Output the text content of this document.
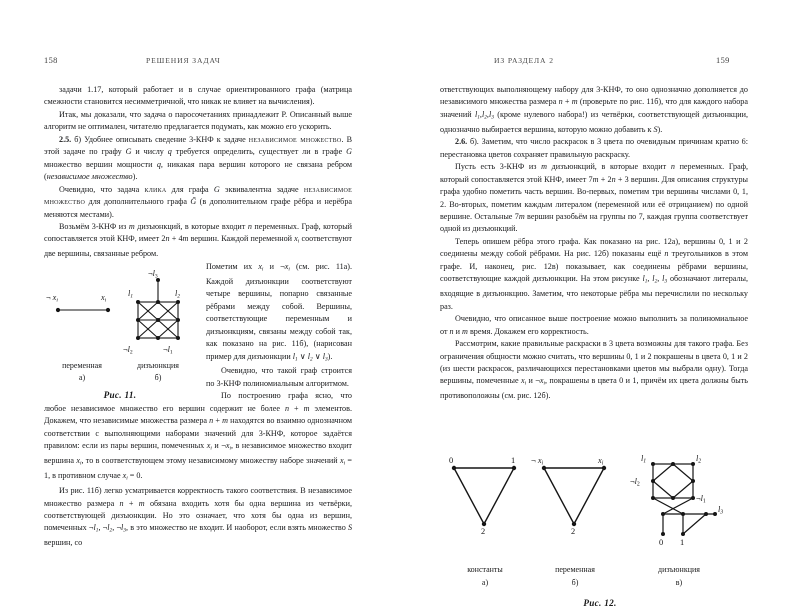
158	РЕШЕНИЯ ЗАДАЧ

задачи 1.17, который работает и в случае ориентированного графа (матрица смежности становится несимметричной, что никак не влияет на вычисления).

Итак, мы доказали, что задача о паросочетаниях принадлежит P. Описанный выше алгоритм не оптимален, читателю предлагается подумать, как можно его ускорить.

2.5. б) Удобнее описывать сведение 3-КНФ к задаче независимое множество. В этой задаче по графу G и числу q требуется определить, существует ли в графе G множество вершин мощности q, никакая пара вершин которого не связана ребром (независимое множество).

Очевидно, что задача клика для графа G эквивалентна задаче независимое множество для дополнительного графа Ḡ (в дополнительном графе рёбра и нерёбра меняются местами).

Возьмём 3-КНФ из m дизъюнкций, в которые входит n переменных. Граф, который сопоставляется этой КНФ, имеет 2n + 4m вершин. Каждой переменной $x_i$ соответствуют две вершины, связанные ребром.

¬ xi	xi
¬l3
l1	l2
¬l2	¬l1
переменная	дизъюнкция
а)	б)
Рис. 11.

Пометим их $x_i$ и $\neg x_i$ (см. рис. 11а). Каждой дизъюнкции соответствуют четыре вершины, попарно связанные рёбрами между собой. Вершины, соответствующие переменным и дизъюнкциям, связаны между собой так, как показано на рис. 11б), (нарисован пример для дизъюнкции $l_1$ ∨ $l_2$ ∨ $l_3$).

Очевидно, что такой граф строится по 3-КНФ полиномиальным алгоритмом.

По построению графа ясно, что любое независимое множество его вершин содержит не более n + m элементов. Докажем, что независимые множества размера n + m находятся во взаимно однозначном соответствии с выполняющими наборами значений для 3-КНФ, которое задаётся правилом: если из пары вершин, помеченных $x_i$ и $\neg x_i$, в независимое множество входит вершина $x_i$, то в соответствующем этому независимому множеству наборе значений $x_i = 1$, в противном случае $x_i = 0$.

Из рис. 11б) легко усматривается корректность такого соответствия. В независимое множество размера n + m обязана входить хотя бы одна вершина из четвёрки, соответствующей дизъюнкции. Но это означает, что хотя бы одна из вершин, помеченных $\neg l_1$, $\neg l_2$, $\neg l_3$, в это множество не входит. И наоборот, если взять множество S вершин, со

ИЗ РАЗДЕЛА 2	159

ответствующих выполняющему набору для 3-КНФ, то оно однозначно дополняется до независимого множества размера n + m (проверьте по рис. 11б), что для каждого набора значений $l_1,l_2,l_3$ (кроме нулевого набора!) из четвёрки, соответствующей дизъюнкции, однозначно выбирается вершина, которую можно добавить к S).

2.6. б). Заметим, что число раскрасок в 3 цвета по очевидным причинам кратно 6: перестановка цветов сохраняет правильную раскраску.

Пусть есть 3-КНФ из m дизъюнкций, в которые входит n переменных. Граф, который сопоставляется этой КНФ, имеет 7m + 2n + 3 вершин. Для описания структуры графа удобно пометить часть вершин. Во-первых, пометим три вершины числами 0, 1, 2. Во-вторых, пометим каждым литералом (переменной или её отрицанием) по одной вершине. Остальные 7m вершин разобьём на группы по 7, каждая группа соответствует одной из дизъюнкций.

Теперь опишем рёбра этого графа. Как показано на рис. 12а), вершины 0, 1 и 2 соединены между собой рёбрами. На рис. 12б) показаны ещё n треугольников в этом графе. И, наконец, рис. 12в) показывает, как соединены рёбрами вершины, соответствующие каждой дизъюнкции. На этом рисунке $l_1$, $l_2$, $l_3$ обозначают литералы, входящие в дизъюнкцию. Заметим, что некоторые рёбра мы перечислили по нескольку раз.

Очевидно, что описанное выше построение можно выполнить за полиномиальное от n и m время. Докажем его корректность.

Рассмотрим, какие правильные раскраски в 3 цвета возможны для такого графа. Без ограничения общности можно считать, что вершины 0, 1 и 2 покрашены в цвета 0, 1 и 2 (из шести раскрасок, различающихся перестановками цветов мы выбрали одну). Тогда вершины, помеченные $x_i$ и $\neg x_i$, покрашены в цвета 0 и 1, причём их цвета должны быть противоположны (см. рис. 12б).

0	1
2
¬ xi	xi
2
l1	l2
¬l2
¬l1
l3
0 1
константы	переменная	дизъюнкция
а)	б)	в)
Рис. 12.
